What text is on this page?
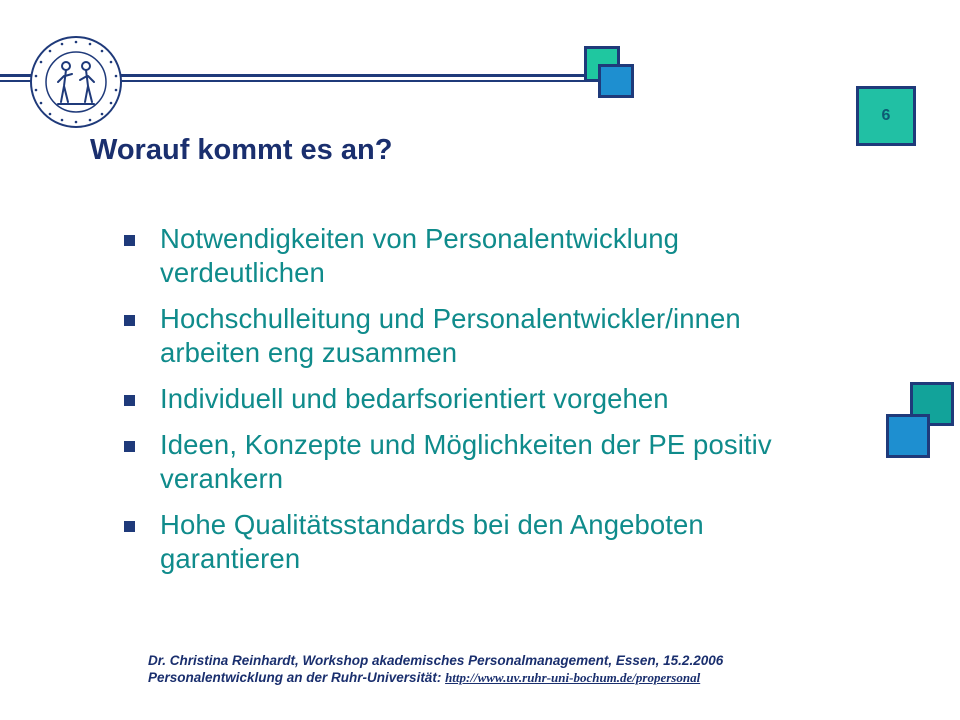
6
Worauf kommt es an?
Notwendigkeiten von Personalentwicklung verdeutlichen
Hochschulleitung und Personalentwickler/innen arbeiten eng zusammen
Individuell und bedarfsorientiert vorgehen
Ideen, Konzepte und Möglichkeiten der PE positiv verankern
Hohe Qualitätsstandards bei den Angeboten garantieren
Dr. Christina Reinhardt, Workshop akademisches Personalmanagement, Essen, 15.2.2006
Personalentwicklung an der Ruhr-Universität: http://www.uv.ruhr-uni-bochum.de/propersonal
